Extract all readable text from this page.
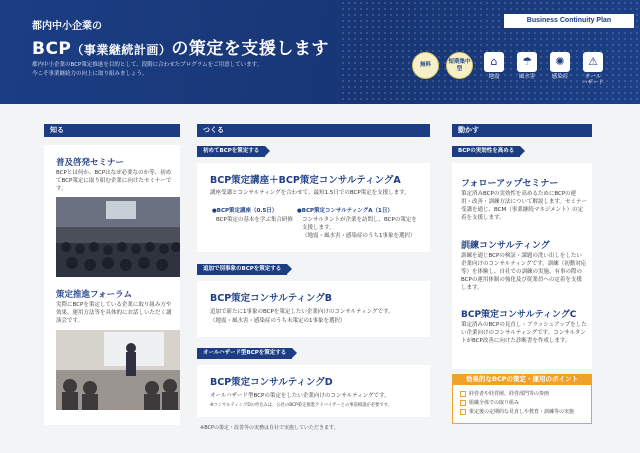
Business Continuity Plan
都内中小企業の
BCP（事業継続計画）の策定を支援します
都内中小企業のBCP策定推進を目的として、段階に合わせたプログラムをご用意しています。
今こそ事業継続力の向上に取り組みましょう。
無料
短期集中型
⌂
地震
☂
風水害
✺
感染症
⚠
オール
ハザード
知る
普及啓発セミナー
BCPとは何か、BCPはなぜ必要なのか等、初めてBCP策定に取り組む企業に向けたセミナーです。
策定推進フォーラム
実際にBCPを策定している企業に取り組み方や効果、運用方法等を具体的にお話しいただく講演会です。
つくる
初めてBCPを策定する
BCP策定講座＋BCP策定コンサルティングA
講座受講とコンサルティングを合わせて、最短1.5日でのBCP策定を支援します。
●BCP策定講座（0.5日）
BCP策定の基本を学ぶ集合研修
●BCP策定コンサルティングA（1日）
コンサルタントが企業を訪問し、BCPの策定を支援します。
（地震・風水害・感染症のうち1事象を選択）
追加で別事象のBCPを策定する
BCP策定コンサルティングB
追加で新たに1事象のBCPを策定したい企業向けのコンサルティングです。
（地震・風水害・感染症のうち未策定の1事象を選択）
オールハザード型BCPを策定する
BCP策定コンサルティングD
オールハザード型BCPの策定をしたい企業向けのコンサルティングです。
※コンサルティングDの申込みは、公社のBCP策定推進アドバイザーとの事前相談が必要です。
動かす
BCPの実効性を高める
フォローアップセミナー
策定済みBCPの実効性を高めるためにBCPの運用・改善・訓練方法について解説します。セミナー受講を通じ、BCM（事業継続マネジメント）の定着を支援します。
訓練コンサルティング
訓練を通じBCPの検証・課題の洗い出しをしたい企業向けのコンサルティングです。訓練（初動対応等）を体験し、自社での訓練の実施、有事の際のBCPの運用体制の強化及び従業員への定着を支援します。
BCP策定コンサルティングC
策定済みのBCPの見直し・ブラッシュアップをしたい企業向けのコンサルティングです。コンサルタントがBCP改善に向けた診断書を作成します。
効果的なBCPの策定・運用のポイント
経営者や経営層、経営部門等の参画
組織全体での取り組み
策定後の定期的な見直しや教育・訓練等の実施
※BCPの策定・改善等の実務は自社で実施していただきます。
